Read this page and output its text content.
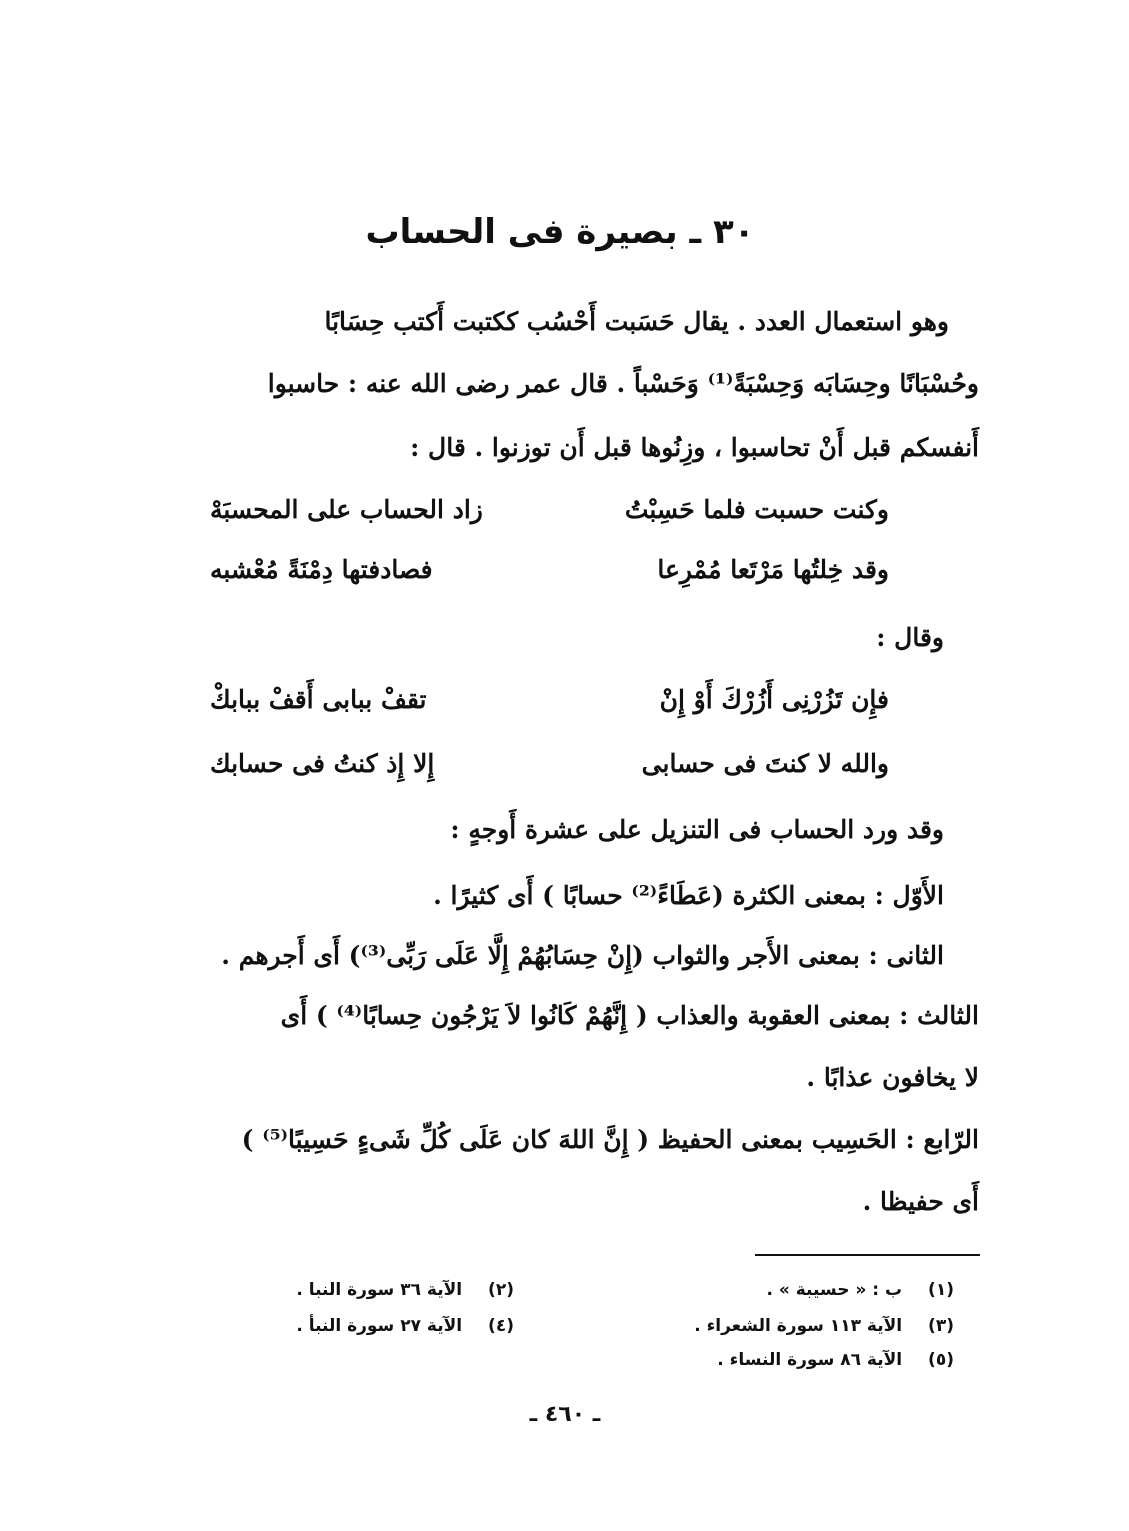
٣٠ ـ بصيرة فى الحساب
وهو استعمال العدد . يقال حَسَبت أَحْسُب ككتبت أَكتب حِسَابًا
وحُسْبَانًا وحِسَابَه وَحِسْبَةً⁽¹⁾ وَحَسْباً . قال عمر رضى الله عنه : حاسبوا
أَنفسكم قبل أَنْ تحاسبوا ، وزِنُوها قبل أَن توزنوا . قال :
وكنت حسبت فلما حَسِبْتُ
زاد الحساب على المحسبَهْ
وقد خِلتُها مَرْتَعا مُمْرِعا
فصادفتها دِمْنَةً مُعْشبه
وقال :
فإِن تَزُرْنِى أَزُرْكَ أَوْ إِنْ
تقفْ ببابى أَقفْ ببابكْ
والله لا كنتَ فى حسابى
إِلا إِذ كنتُ فى حسابك
وقد ورد الحساب فى التنزيل على عشرة أَوجهٍ :
الأَوّل : بمعنى الكثرة (عَطَاءً⁽²⁾ حسابًا ) أَى كثيرًا .
الثانى : بمعنى الأَجر والثواب (إِنْ حِسَابُهُمْ إِلَّا عَلَى رَبِّى⁽³⁾) أَى أَجرهم .
الثالث : بمعنى العقوبة والعذاب ( إِنَّهُمْ كَانُوا لاَ يَرْجُون حِسابًا⁽⁴⁾ ) أَى
لا يخافون عذابًا .
الرّابع : الحَسِيب بمعنى الحفيظ ( إِنَّ اللهَ كان عَلَى كُلِّ شَىءٍ حَسِيبًا⁽⁵⁾ )
أَى حفيظا .
(١) ب : « حسيبة » .
(٢) الآية ٣٦ سورة النبا .
(٣) الآية ١١٣ سورة الشعراء .
(٤) الآية ٢٧ سورة النبأ .
(٥) الآية ٨٦ سورة النساء .
ـ ٤٦٠ ـ
